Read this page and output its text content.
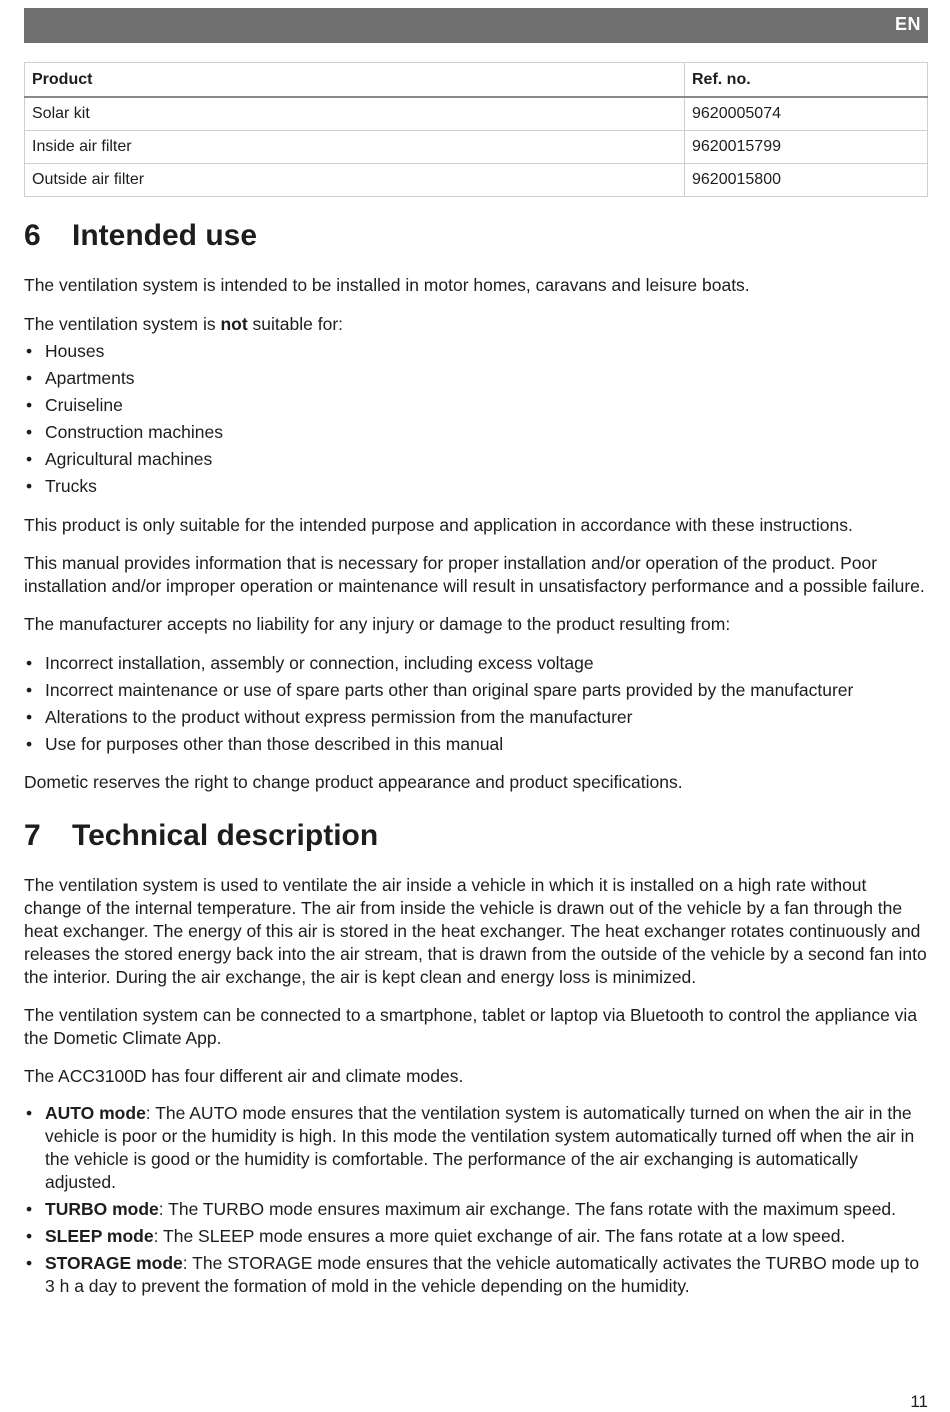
EN
Product	Ref. no.
Solar kit	9620005074
Inside air filter	9620015799
Outside air filter	9620015800
6	Intended use

The ventilation system is intended to be installed in motor homes, caravans and leisure boats.

The ventilation system is not suitable for:

• Houses
• Apartments
• Cruiseline
• Construction machines
• Agricultural machines
• Trucks

This product is only suitable for the intended purpose and application in accordance with these instructions.

This manual provides information that is necessary for proper installation and/or operation of the product. Poor installation and/or improper operation or maintenance will result in unsatisfactory performance and a possible failure.

The manufacturer accepts no liability for any injury or damage to the product resulting from:

• Incorrect installation, assembly or connection, including excess voltage
• Incorrect maintenance or use of spare parts other than original spare parts provided by the manufacturer
• Alterations to the product without express permission from the manufacturer
• Use for purposes other than those described in this manual

Dometic reserves the right to change product appearance and product specifications.

7	Technical description

The ventilation system is used to ventilate the air inside a vehicle in which it is installed on a high rate without change of the internal temperature. The air from inside the vehicle is drawn out of the vehicle by a fan through the heat exchanger. The energy of this air is stored in the heat exchanger. The heat exchanger rotates continuously and releases the stored energy back into the air stream, that is drawn from the outside of the vehicle by a second fan into the interior. During the air exchange, the air is kept clean and energy loss is minimized.

The ventilation system can be connected to a smartphone, tablet or laptop via Bluetooth to control the appliance via the Dometic Climate App.

The ACC3100D has four different air and climate modes.

• AUTO mode: The AUTO mode ensures that the ventilation system is automatically turned on when the air in the vehicle is poor or the humidity is high. In this mode the ventilation system automatically turned off when the air in the vehicle is good or the humidity is comfortable. The performance of the air exchanging is automatically adjusted.
• TURBO mode: The TURBO mode ensures maximum air exchange. The fans rotate with the maximum speed.
• SLEEP mode: The SLEEP mode ensures a more quiet exchange of air. The fans rotate at a low speed.
• STORAGE mode: The STORAGE mode ensures that the vehicle automatically activates the TURBO mode up to 3 h a day to prevent the formation of mold in the vehicle depending on the humidity.
11
